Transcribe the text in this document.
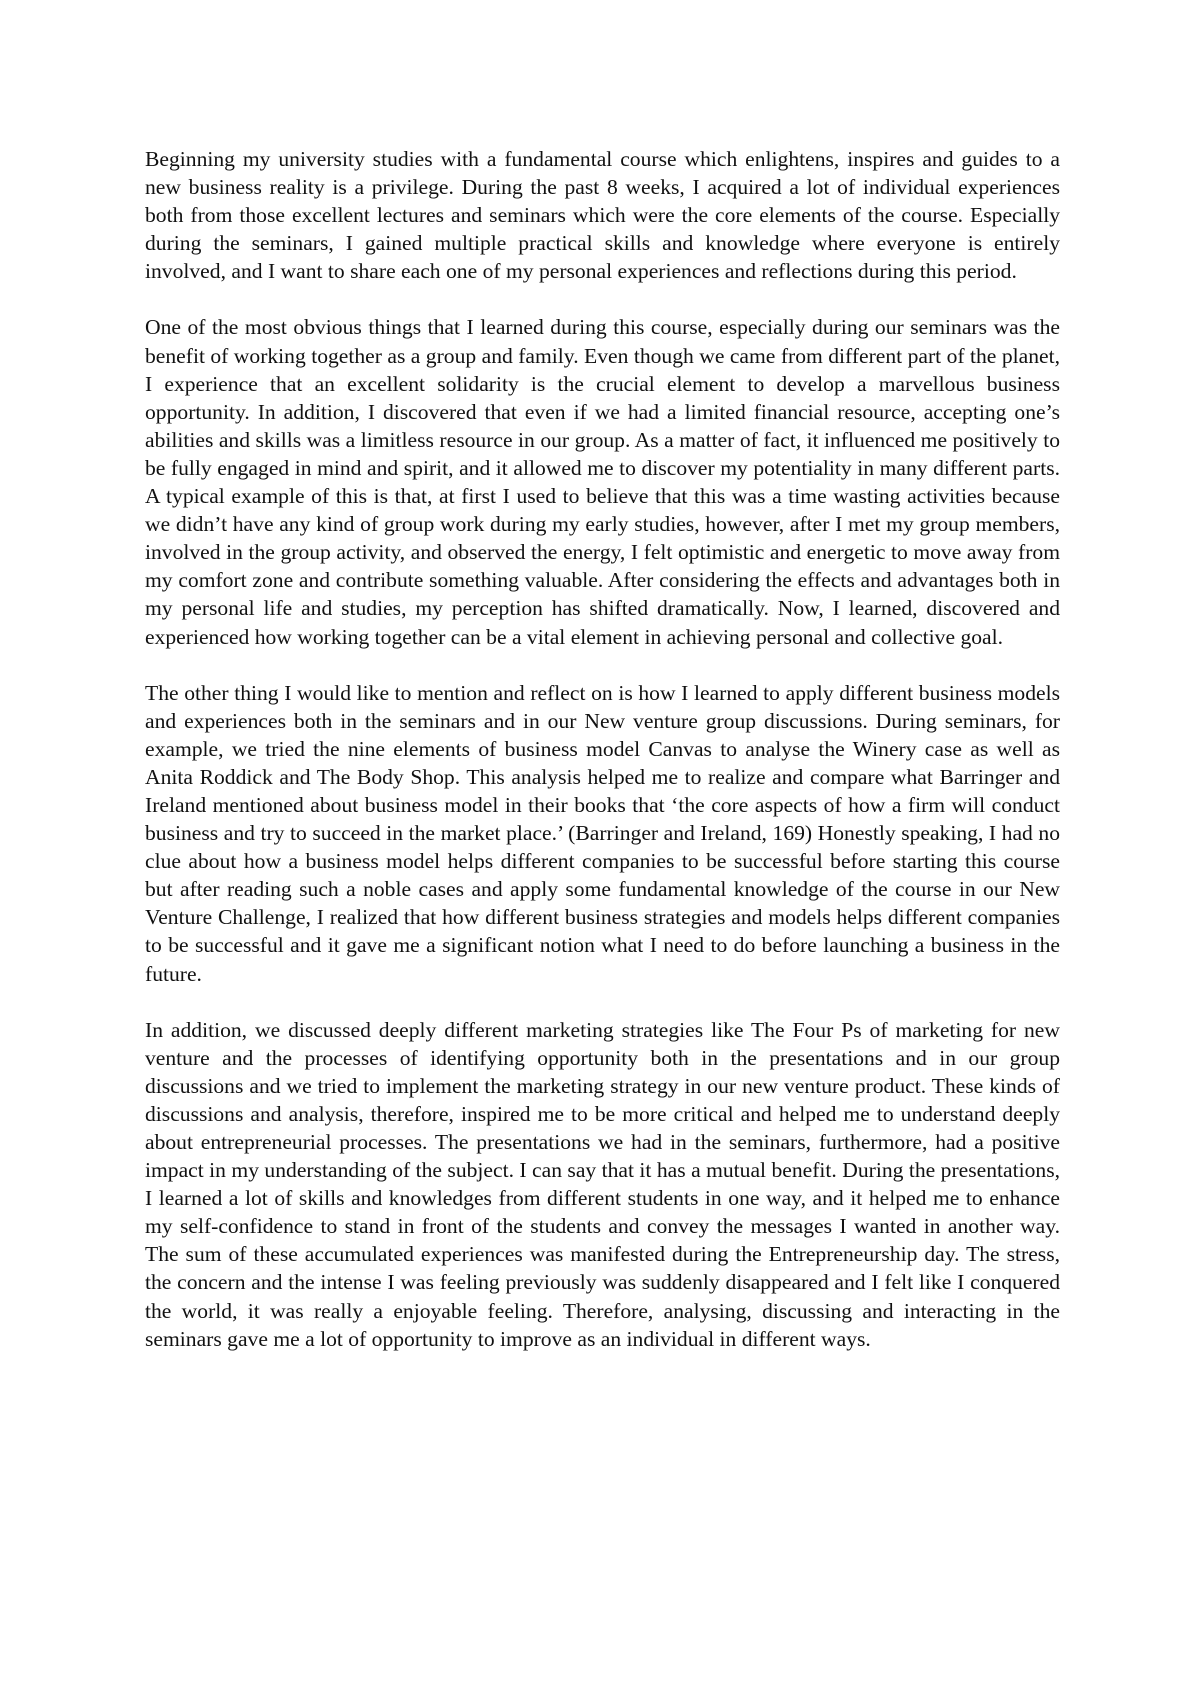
Beginning my university studies with a fundamental course which enlightens, inspires and guides to a new business reality is a privilege. During the past 8 weeks, I acquired a lot of individual experiences both from those excellent lectures and seminars which were the core elements of the course. Especially during the seminars, I gained multiple practical skills and knowledge where everyone is entirely involved, and I want to share each one of my personal experiences and reflections during this period.

One of the most obvious things that I learned during this course, especially during our seminars was the benefit of working together as a group and family. Even though we came from different part of the planet, I experience that an excellent solidarity is the crucial element to develop a marvellous business opportunity. In addition, I discovered that even if we had a limited financial resource, accepting one’s abilities and skills was a limitless resource in our group. As a matter of fact, it influenced me positively to be fully engaged in mind and spirit, and it allowed me to discover my potentiality in many different parts. A typical example of this is that, at first I used to believe that this was a time wasting activities because we didn’t have any kind of group work during my early studies, however, after I met my group members, involved in the group activity, and observed the energy, I felt optimistic and energetic to move away from my comfort zone and contribute something valuable. After considering the effects and advantages both in my personal life and studies, my perception has shifted dramatically. Now, I learned, discovered and experienced how working together can be a vital element in achieving personal and collective goal.

The other thing I would like to mention and reflect on is how I learned to apply different business models and experiences both in the seminars and in our New venture group discussions. During seminars, for example, we tried the nine elements of business model Canvas to analyse the Winery case as well as Anita Roddick and The Body Shop. This analysis helped me to realize and compare what Barringer and Ireland mentioned about business model in their books that ‘the core aspects of how a firm will conduct business and try to succeed in the market place.’ (Barringer and Ireland, 169) Honestly speaking, I had no clue about how a business model helps different companies to be successful before starting this course but after reading such a noble cases and apply some fundamental knowledge of the course in our New Venture Challenge, I realized that how different business strategies and models helps different companies to be successful and it gave me a significant notion what I need to do before launching a business in the future.

In addition, we discussed deeply different marketing strategies like The Four Ps of marketing for new venture and the processes of identifying opportunity both in the presentations and in our group discussions and we tried to implement the marketing strategy in our new venture product. These kinds of discussions and analysis, therefore, inspired me to be more critical and helped me to understand deeply about entrepreneurial processes. The presentations we had in the seminars, furthermore, had a positive impact in my understanding of the subject. I can say that it has a mutual benefit. During the presentations, I learned a lot of skills and knowledges from different students in one way, and it helped me to enhance my self-confidence to stand in front of the students and convey the messages I wanted in another way. The sum of these accumulated experiences was manifested during the Entrepreneurship day. The stress, the concern and the intense I was feeling previously was suddenly disappeared and I felt like I conquered the world, it was really a enjoyable feeling. Therefore, analysing, discussing and interacting in the seminars gave me a lot of opportunity to improve as an individual in different ways.
